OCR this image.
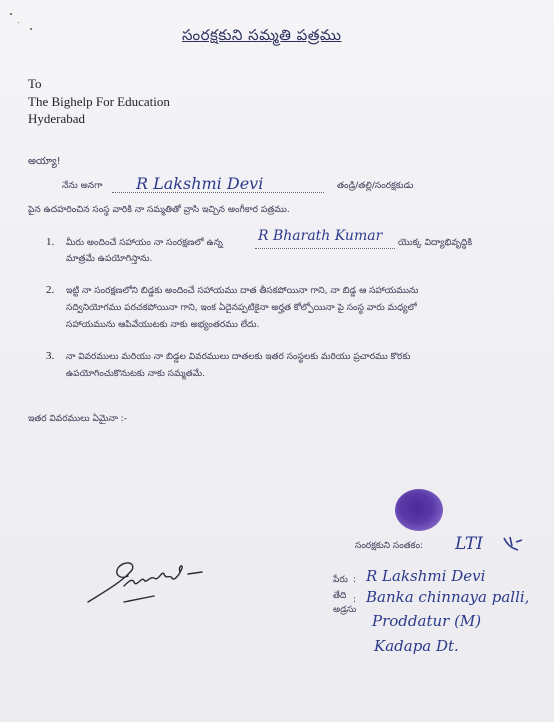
సంరక్షకుని సమ్మతి పత్రము
To
The Bighelp For Education
Hyderabad
అయ్యా!
నేను అనగా R Lakshmi Devi	తండ్రి/తల్లి/సంరక్షకుడు
పైన ఉదహరించిన సంస్థ వారికి నా సమ్మతితో వ్రాసి ఇచ్చిన అంగీకార పత్రము.
1. మీరు అందించే సహాయం నా సంరక్షణలో ఉన్న	R Bharath Kumar యొక్క విద్యాభివృద్ధికి
మాత్రమే ఉపయోగిస్తాను.
2. ఇట్టి నా సంరక్షణలోని బిడ్డకు అందించే సహాయము దాత తీసకపోయినా గాని, నా బిడ్డ ఆ సహాయమును
సద్వినియోగము పరచకపోయినా గాని, ఇంక ఏదైనప్పటికైనా అర్హత కోల్పోయినా పై సంస్థ వారు మధ్యలో
సహాయమును ఆపివేయుటకు నాకు అభ్యంతరము లేదు.
3. నా వివరములు మరియు నా బిడ్డల వివరములు దాతలకు ఇతర సంస్థలకు మరియు ప్రచారము కొరకు
ఉపయోగించుకొనుటకు నాకు సమ్మతమే.
ఇతర వివరములు ఏమైనా :-
సంరక్షకుని సంతకం: LTI
పేరు : R Lakshmi Devi
తేది
అడ్రసు
: Banka chinnaya palli,
Proddatur (M)
Kadapa Dt.
